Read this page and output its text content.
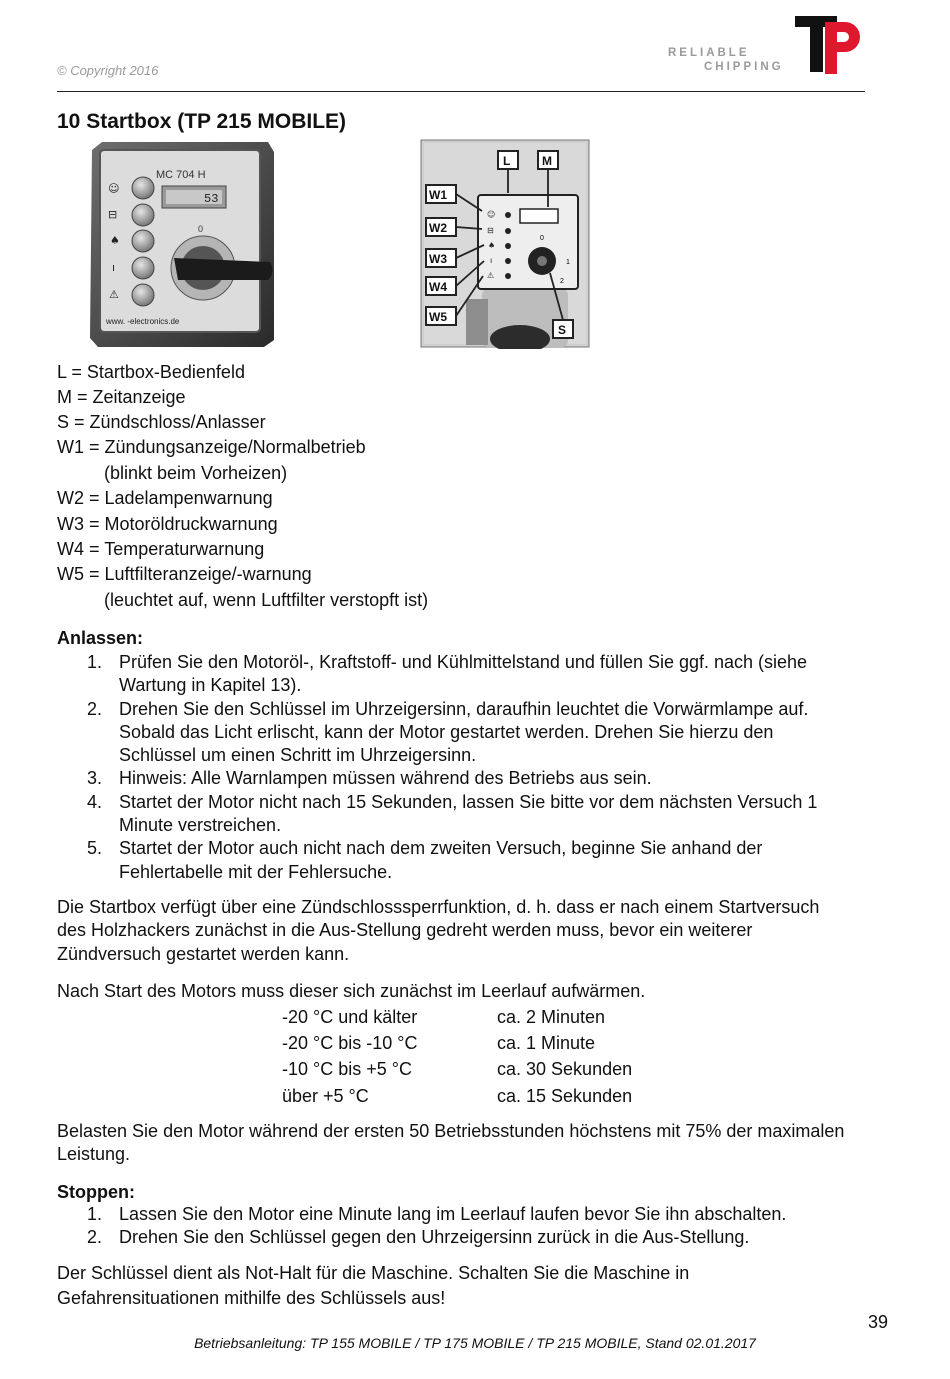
© Copyright 2016
RELIABLE
CHIPPING
10 Startbox (TP 215 MOBILE)
MC 704 H
53
☺
⊟
♠
ı
⚠
0
www. -electronics.de
☺
⊟
♠
ı
⚠
0
1
2
L	M
S
W1
W2
W3
W4
W5
L = Startbox-Bedienfeld
M = Zeitanzeige
S = Zündschloss/Anlasser
W1 = Zündungsanzeige/Normalbetrieb
(blinkt beim Vorheizen)
W2 = Ladelampenwarnung
W3 = Motoröldruckwarnung
W4 = Temperaturwarnung
W5 = Luftfilteranzeige/-warnung
(leuchtet auf, wenn Luftfilter verstopft ist)
Anlassen:
1. Prüfen Sie den Motoröl-, Kraftstoff- und Kühlmittelstand und füllen Sie ggf. nach (siehe
Wartung in Kapitel 13).
2. Drehen Sie den Schlüssel im Uhrzeigersinn, daraufhin leuchtet die Vorwärmlampe auf.
Sobald das Licht erlischt, kann der Motor gestartet werden. Drehen Sie hierzu den
Schlüssel um einen Schritt im Uhrzeigersinn.
3. Hinweis: Alle Warnlampen müssen während des Betriebs aus sein.
4. Startet der Motor nicht nach 15 Sekunden, lassen Sie bitte vor dem nächsten Versuch 1
Minute verstreichen.
5. Startet der Motor auch nicht nach dem zweiten Versuch, beginne Sie anhand der
Fehlertabelle mit der Fehlersuche.
Die Startbox verfügt über eine Zündschlosssperrfunktion, d. h. dass er nach einem Startversuch
des Holzhackers zunächst in die Aus-Stellung gedreht werden muss, bevor ein weiterer
Zündversuch gestartet werden kann.
Nach Start des Motors muss dieser sich zunächst im Leerlauf aufwärmen.
-20 °C und kälter	ca. 2 Minuten
-20 °C bis -10 °C	ca. 1 Minute
-10 °C bis +5 °C	ca. 30 Sekunden
über +5 °C	ca. 15 Sekunden
Belasten Sie den Motor während der ersten 50 Betriebsstunden höchstens mit 75% der maximalen
Leistung.
Stoppen:
1. Lassen Sie den Motor eine Minute lang im Leerlauf laufen bevor Sie ihn abschalten.
2. Drehen Sie den Schlüssel gegen den Uhrzeigersinn zurück in die Aus-Stellung.
Der Schlüssel dient als Not-Halt für die Maschine. Schalten Sie die Maschine in
Gefahrensituationen mithilfe des Schlüssels aus!
39
Betriebsanleitung: TP 155 MOBILE / TP 175 MOBILE / TP 215 MOBILE, Stand 02.01.2017
